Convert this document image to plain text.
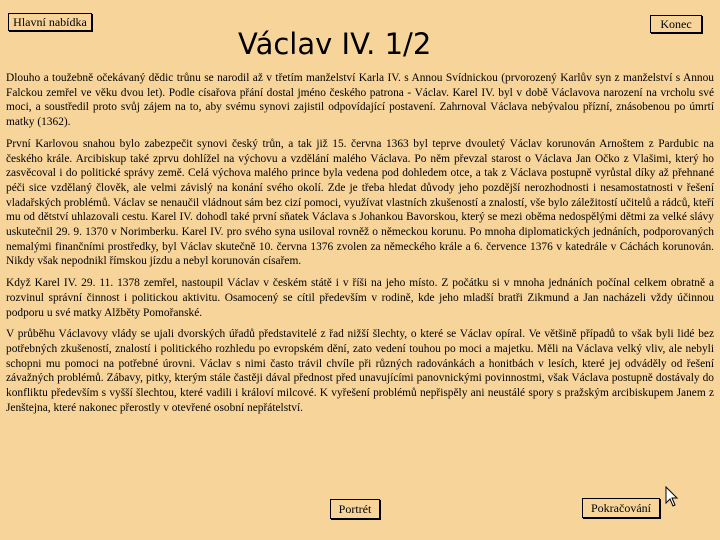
Hlavní nabídka	Konec
Václav IV. 1/2

Dlouho a toužebně očekávaný dědic trůnu se narodil až v třetím manželství Karla IV. s Annou Svídnickou (prvorozený Karlův syn z manželství s Annou Falckou zemřel ve věku dvou let). Podle císařova přání dostal jméno českého patrona - Václav. Karel IV. byl v době Václavova narození na vrcholu své moci, a soustředil proto svůj zájem na to, aby svému synovi zajistil odpovídající postavení. Zahrnoval Václava nebývalou přízní, znásobenou po úmrtí matky (1362).

První Karlovou snahou bylo zabezpečit synovi český trůn, a tak již 15. června 1363 byl teprve dvouletý Václav korunován Arnoštem z Pardubic na českého krále. Arcibiskup také zprvu dohlížel na výchovu a vzdělání malého Václava. Po něm převzal starost o Václava Jan Očko z Vlašimi, který ho zasvěcoval i do politické správy země. Celá výchova malého prince byla vedena pod dohledem otce, a tak z Václava postupně vyrůstal díky až přehnané péči sice vzdělaný člověk, ale velmi závislý na konání svého okolí. Zde je třeba hledat důvody jeho pozdější nerozhodnosti i nesamostatnosti v řešení vladařských problémů. Václav se nenaučil vládnout sám bez cizí pomoci, využívat vlastních zkušeností a znalostí, vše bylo záležitostí učitelů a rádců, kteří mu od dětství uhlazovali cestu. Karel IV. dohodl také první sňatek Václava s Johankou Bavorskou, který se mezi oběma nedospělými dětmi za velké slávy uskutečnil 29. 9. 1370 v Norimberku. Karel IV. pro svého syna usiloval rovněž o německou korunu. Po mnoha diplomatických jednáních, podporovaných nemalými finančními prostředky, byl Václav skutečně 10. června 1376 zvolen za německého krále a 6. července 1376 v katedrále v Cáchách korunován. Nikdy však nepodnikl římskou jízdu a nebyl korunován císařem.

Když Karel IV. 29. 11. 1378 zemřel, nastoupil Václav v českém státě i v říši na jeho místo. Z počátku si v mnoha jednáních počínal celkem obratně a rozvinul správní činnost i politickou aktivitu. Osamocený se cítil především v rodině, kde jeho mladší bratři Zikmund a Jan nacházeli vždy účinnou podporu u své matky Alžběty Pomořanské.

V průběhu Václavovy vlády se ujali dvorských úřadů představitelé z řad nižší šlechty, o které se Václav opíral. Ve většině případů to však byli lidé bez potřebných zkušeností, znalostí i politického rozhledu po evropském dění, zato vedení touhou po moci a majetku. Měli na Václava velký vliv, ale nebyli schopni mu pomoci na potřebné úrovni. Václav s nimi často trávil chvíle při různých radovánkách a honitbách v lesích, které jej odváděly od řešení závažných problémů. Zábavy, pitky, kterým stále častěji dával přednost před unavujícími panovnickými povinnostmi, však Václava postupně dostávaly do konfliktu především s vyšší šlechtou, které vadili i královí milcové. K vyřešení problémů nepřispěly ani neustálé spory s pražským arcibiskupem Janem z Jenštejna, které nakonec přerostly v otevřené osobní nepřátelství.

Portrét	Pokračování
